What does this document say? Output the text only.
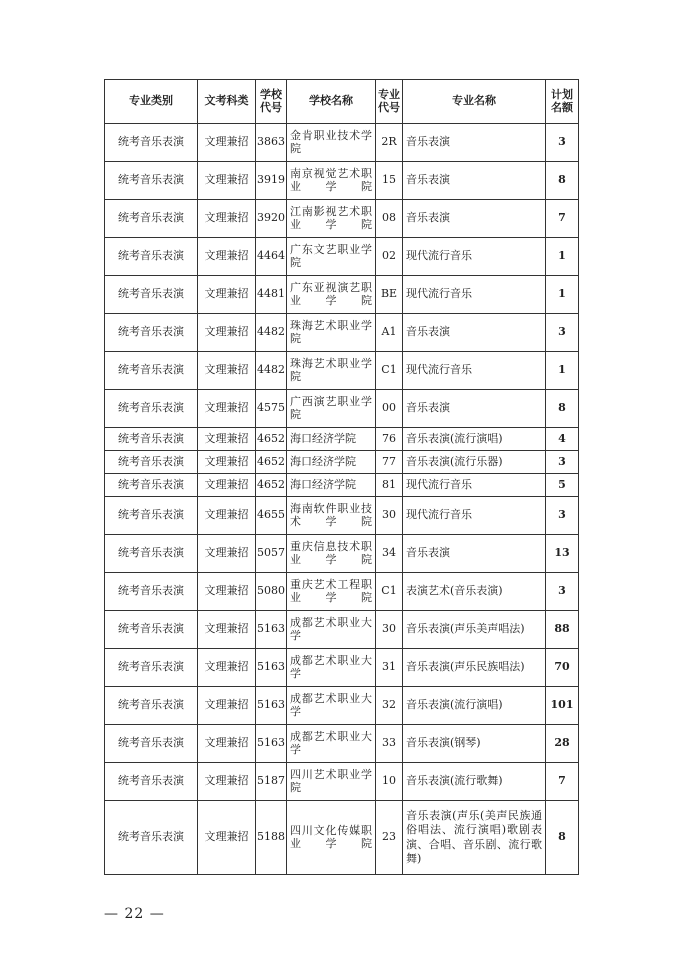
专业类别	文考科类	学校代号	学校名称	专业代号	专业名称	计划名额
统考音乐表演	文理兼招	3863	金肯职业技术学院	2R	音乐表演	3
统考音乐表演	文理兼招	3919	南京视觉艺术职业学院	15	音乐表演	8
统考音乐表演	文理兼招	3920	江南影视艺术职业学院	08	音乐表演	7
统考音乐表演	文理兼招	4464	广东文艺职业学院	02	现代流行音乐	1
统考音乐表演	文理兼招	4481	广东亚视演艺职业学院	BE	现代流行音乐	1
统考音乐表演	文理兼招	4482	珠海艺术职业学院	A1	音乐表演	3
统考音乐表演	文理兼招	4482	珠海艺术职业学院	C1	现代流行音乐	1
统考音乐表演	文理兼招	4575	广西演艺职业学院	00	音乐表演	8
统考音乐表演	文理兼招	4652	海口经济学院	76	音乐表演(流行演唱)	4
统考音乐表演	文理兼招	4652	海口经济学院	77	音乐表演(流行乐器)	3
统考音乐表演	文理兼招	4652	海口经济学院	81	现代流行音乐	5
统考音乐表演	文理兼招	4655	海南软件职业技术学院	30	现代流行音乐	3
统考音乐表演	文理兼招	5057	重庆信息技术职业学院	34	音乐表演	13
统考音乐表演	文理兼招	5080	重庆艺术工程职业学院	C1	表演艺术(音乐表演)	3
统考音乐表演	文理兼招	5163	成都艺术职业大学	30	音乐表演(声乐美声唱法)	88
统考音乐表演	文理兼招	5163	成都艺术职业大学	31	音乐表演(声乐民族唱法)	70
统考音乐表演	文理兼招	5163	成都艺术职业大学	32	音乐表演(流行演唱)	101
统考音乐表演	文理兼招	5163	成都艺术职业大学	33	音乐表演(钢琴)	28
统考音乐表演	文理兼招	5187	四川艺术职业学院	10	音乐表演(流行歌舞)	7
统考音乐表演	文理兼招	5188	四川文化传媒职业学院	23	音乐表演(声乐(美声民族通俗唱法、流行演唱)歌剧表演、合唱、音乐剧、流行歌舞)	8
— 22 —
